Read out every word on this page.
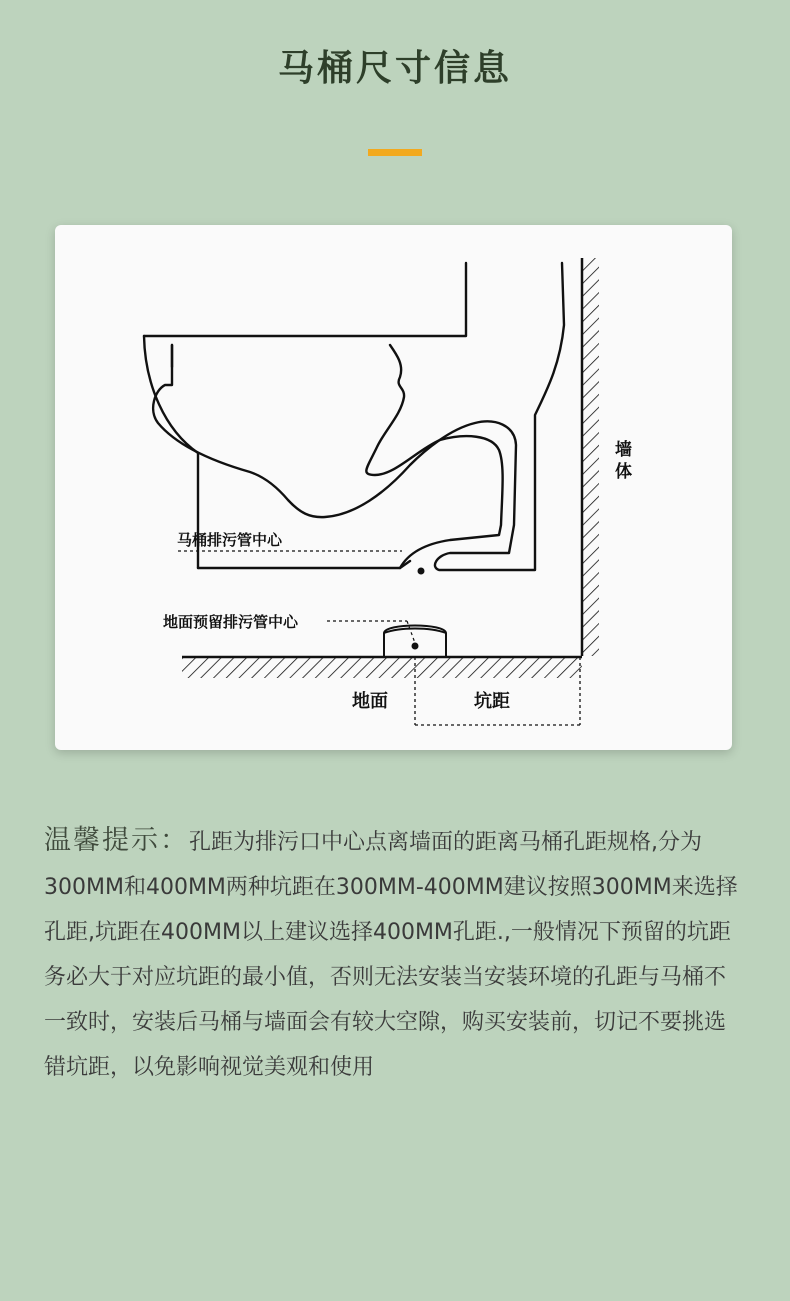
马桶尺寸信息
墙
体
马桶排污管中心
地面预留排污管中心
地面	坑距
温馨提示：孔距为排污口中心点离墙面的距离马桶孔距规格,分为300MM和400MM两种坑距在300MM-400MM建议按照300MM来选择孔距,坑距在400MM以上建议选择400MM孔距.,一般情况下预留的坑距务必大于对应坑距的最小值，否则无法安装当安装环境的孔距与马桶不一致时，安装后马桶与墙面会有较大空隙，购买安装前，切记不要挑选错坑距，以免影响视觉美观和使用
